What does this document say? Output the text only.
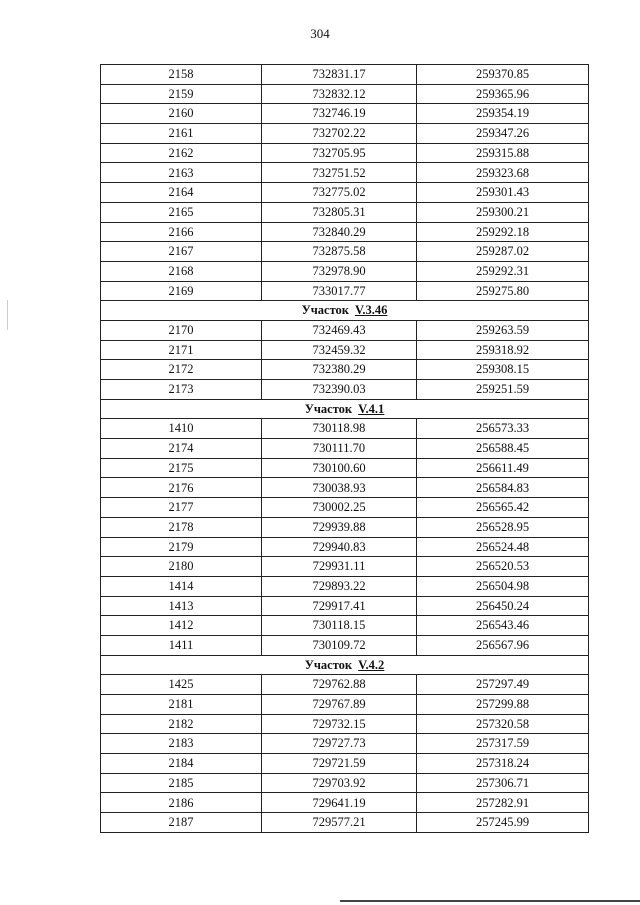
304
2158	732831.17	259370.85
2159	732832.12	259365.96
2160	732746.19	259354.19
2161	732702.22	259347.26
2162	732705.95	259315.88
2163	732751.52	259323.68
2164	732775.02	259301.43
2165	732805.31	259300.21
2166	732840.29	259292.18
2167	732875.58	259287.02
2168	732978.90	259292.31
2169	733017.77	259275.80
Участок V.3.46		
2170	732469.43	259263.59
2171	732459.32	259318.92
2172	732380.29	259308.15
2173	732390.03	259251.59
Участок V.4.1		
1410	730118.98	256573.33
2174	730111.70	256588.45
2175	730100.60	256611.49
2176	730038.93	256584.83
2177	730002.25	256565.42
2178	729939.88	256528.95
2179	729940.83	256524.48
2180	729931.11	256520.53
1414	729893.22	256504.98
1413	729917.41	256450.24
1412	730118.15	256543.46
1411	730109.72	256567.96
Участок V.4.2		
1425	729762.88	257297.49
2181	729767.89	257299.88
2182	729732.15	257320.58
2183	729727.73	257317.59
2184	729721.59	257318.24
2185	729703.92	257306.71
2186	729641.19	257282.91
2187	729577.21	257245.99
